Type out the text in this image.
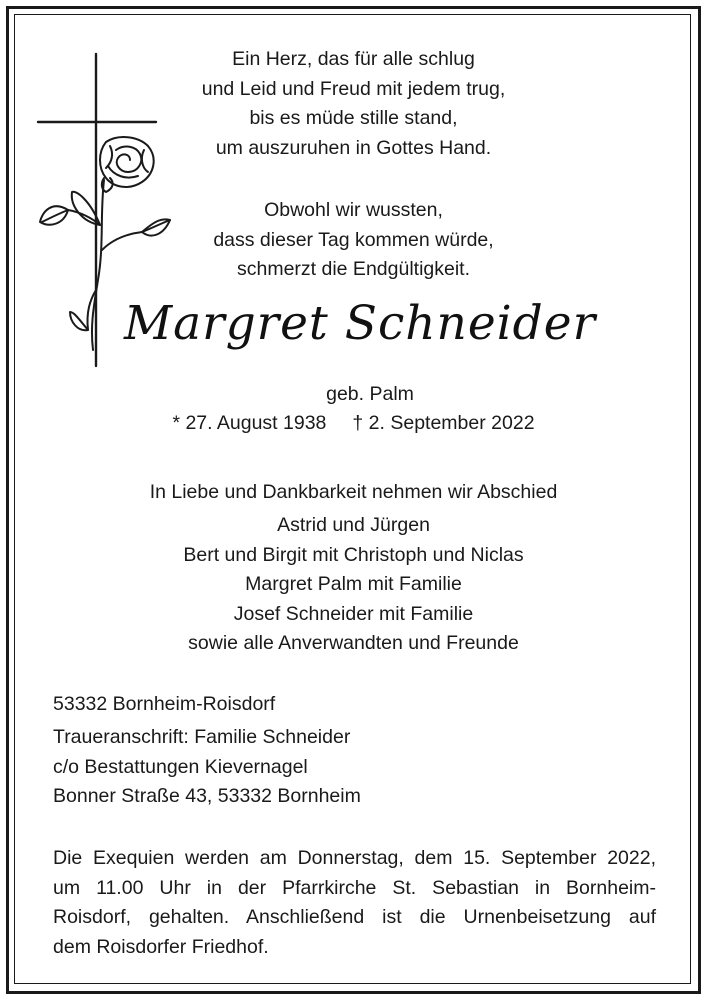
Ein Herz, das für alle schlug
und Leid und Freud mit jedem trug,
bis es müde stille stand,
um auszuruhen in Gottes Hand.
Obwohl wir wussten,
dass dieser Tag kommen würde,
schmerzt die Endgültigkeit.
Margret Schneider
geb. Palm
* 27. August 1938 † 2. September 2022
In Liebe und Dankbarkeit nehmen wir Abschied
Astrid und Jürgen
Bert und Birgit mit Christoph und Niclas
Margret Palm mit Familie
Josef Schneider mit Familie
sowie alle Anverwandten und Freunde
53332 Bornheim-Roisdorf
Traueranschrift: Familie Schneider
c/o Bestattungen Kievernagel
Bonner Straße 43, 53332 Bornheim
Die Exequien werden am Donnerstag, dem 15. September 2022,
um 11.00 Uhr in der Pfarrkirche St. Sebastian in Bornheim-
Roisdorf, gehalten. Anschließend ist die Urnenbeisetzung auf
dem Roisdorfer Friedhof.
